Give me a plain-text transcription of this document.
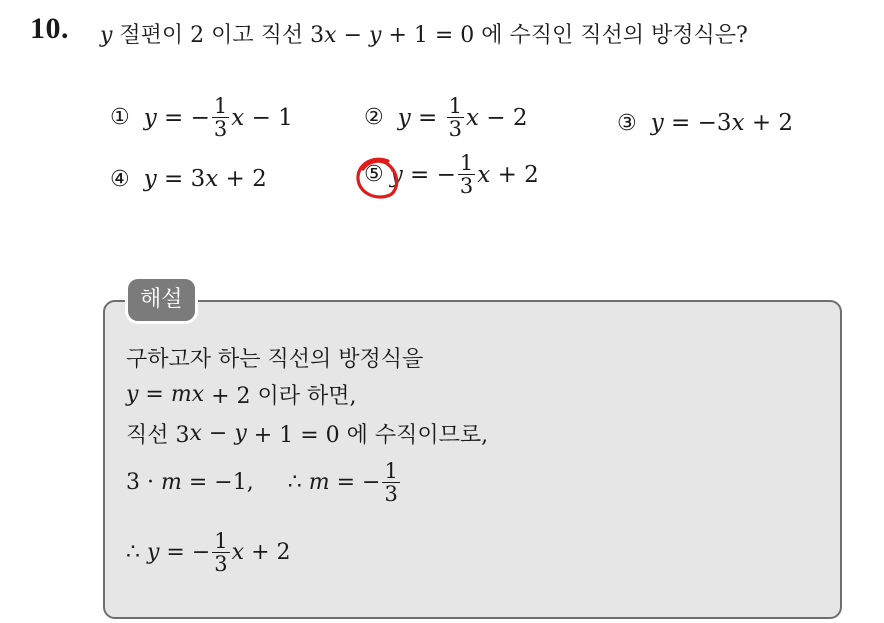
10. y 절편이 2 이고 직선 3x − y + 1 = 0 에 수직인 직선의 방정식은?
① y = − $\frac{1}{3}$ x − 1	② $y = \frac{1}{3}$ x − 2	③ y = −3 x + 2
④ y = 3 x + 2	⑤ y = − $\frac{1}{3}$ x + 2
해설
구하고자 하는 직선의 방정식을
y = mx + 2 이라 하면,
직선 3 x − y + 1 = 0 에 수직이므로,
3 · m = −1, ∴ m = − $\frac{1}{3}$
∴ y = − $\frac{1}{3}$ x + 2
